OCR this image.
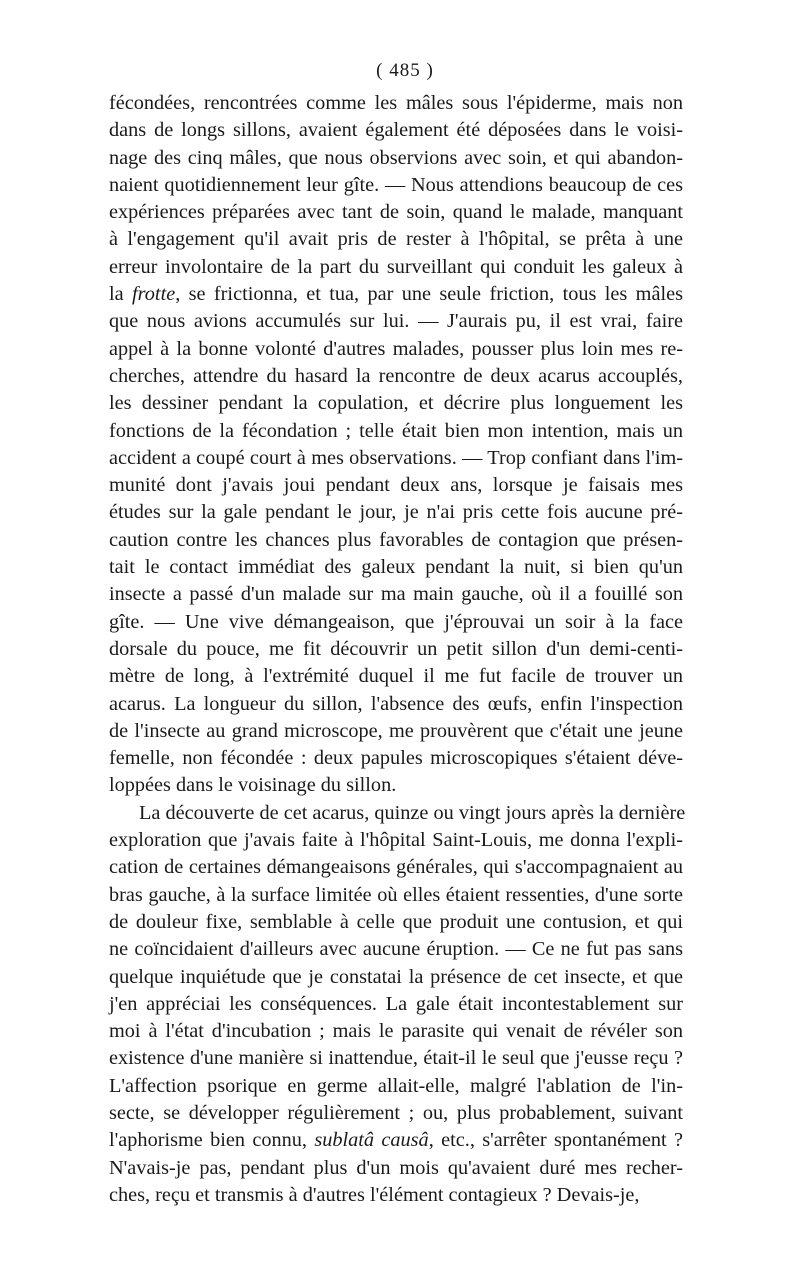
( 485 )

fécondées, rencontrées comme les mâles sous l'épiderme, mais non
dans de longs sillons, avaient également été déposées dans le voisi-
nage des cinq mâles, que nous observions avec soin, et qui abandon-
naient quotidiennement leur gîte. — Nous attendions beaucoup de ces
expériences préparées avec tant de soin, quand le malade, manquant
à l'engagement qu'il avait pris de rester à l'hôpital, se prêta à une
erreur involontaire de la part du surveillant qui conduit les galeux à
la frotte, se frictionna, et tua, par une seule friction, tous les mâles
que nous avions accumulés sur lui. — J'aurais pu, il est vrai, faire
appel à la bonne volonté d'autres malades, pousser plus loin mes re-
cherches, attendre du hasard la rencontre de deux acarus accouplés,
les dessiner pendant la copulation, et décrire plus longuement les
fonctions de la fécondation ; telle était bien mon intention, mais un
accident a coupé court à mes observations. — Trop confiant dans l'im-
munité dont j'avais joui pendant deux ans, lorsque je faisais mes
études sur la gale pendant le jour, je n'ai pris cette fois aucune pré-
caution contre les chances plus favorables de contagion que présen-
tait le contact immédiat des galeux pendant la nuit, si bien qu'un
insecte a passé d'un malade sur ma main gauche, où il a fouillé son
gîte. — Une vive démangeaison, que j'éprouvai un soir à la face
dorsale du pouce, me fit découvrir un petit sillon d'un demi-centi-
mètre de long, à l'extrémité duquel il me fut facile de trouver un
acarus. La longueur du sillon, l'absence des œufs, enfin l'inspection
de l'insecte au grand microscope, me prouvèrent que c'était une jeune
femelle, non fécondée : deux papules microscopiques s'étaient déve-
loppées dans le voisinage du sillon.

La découverte de cet acarus, quinze ou vingt jours après la dernière
exploration que j'avais faite à l'hôpital Saint-Louis, me donna l'expli-
cation de certaines démangeaisons générales, qui s'accompagnaient au
bras gauche, à la surface limitée où elles étaient ressenties, d'une sorte
de douleur fixe, semblable à celle que produit une contusion, et qui
ne coïncidaient d'ailleurs avec aucune éruption. — Ce ne fut pas sans
quelque inquiétude que je constatai la présence de cet insecte, et que
j'en appréciai les conséquences. La gale était incontestablement sur
moi à l'état d'incubation ; mais le parasite qui venait de révéler son
existence d'une manière si inattendue, était-il le seul que j'eusse reçu ?
L'affection psorique en germe allait-elle, malgré l'ablation de l'in-
secte, se développer régulièrement ; ou, plus probablement, suivant
l'aphorisme bien connu, sublatâ causâ, etc., s'arrêter spontanément ?
N'avais-je pas, pendant plus d'un mois qu'avaient duré mes recher-
ches, reçu et transmis à d'autres l'élément contagieux ? Devais-je,
